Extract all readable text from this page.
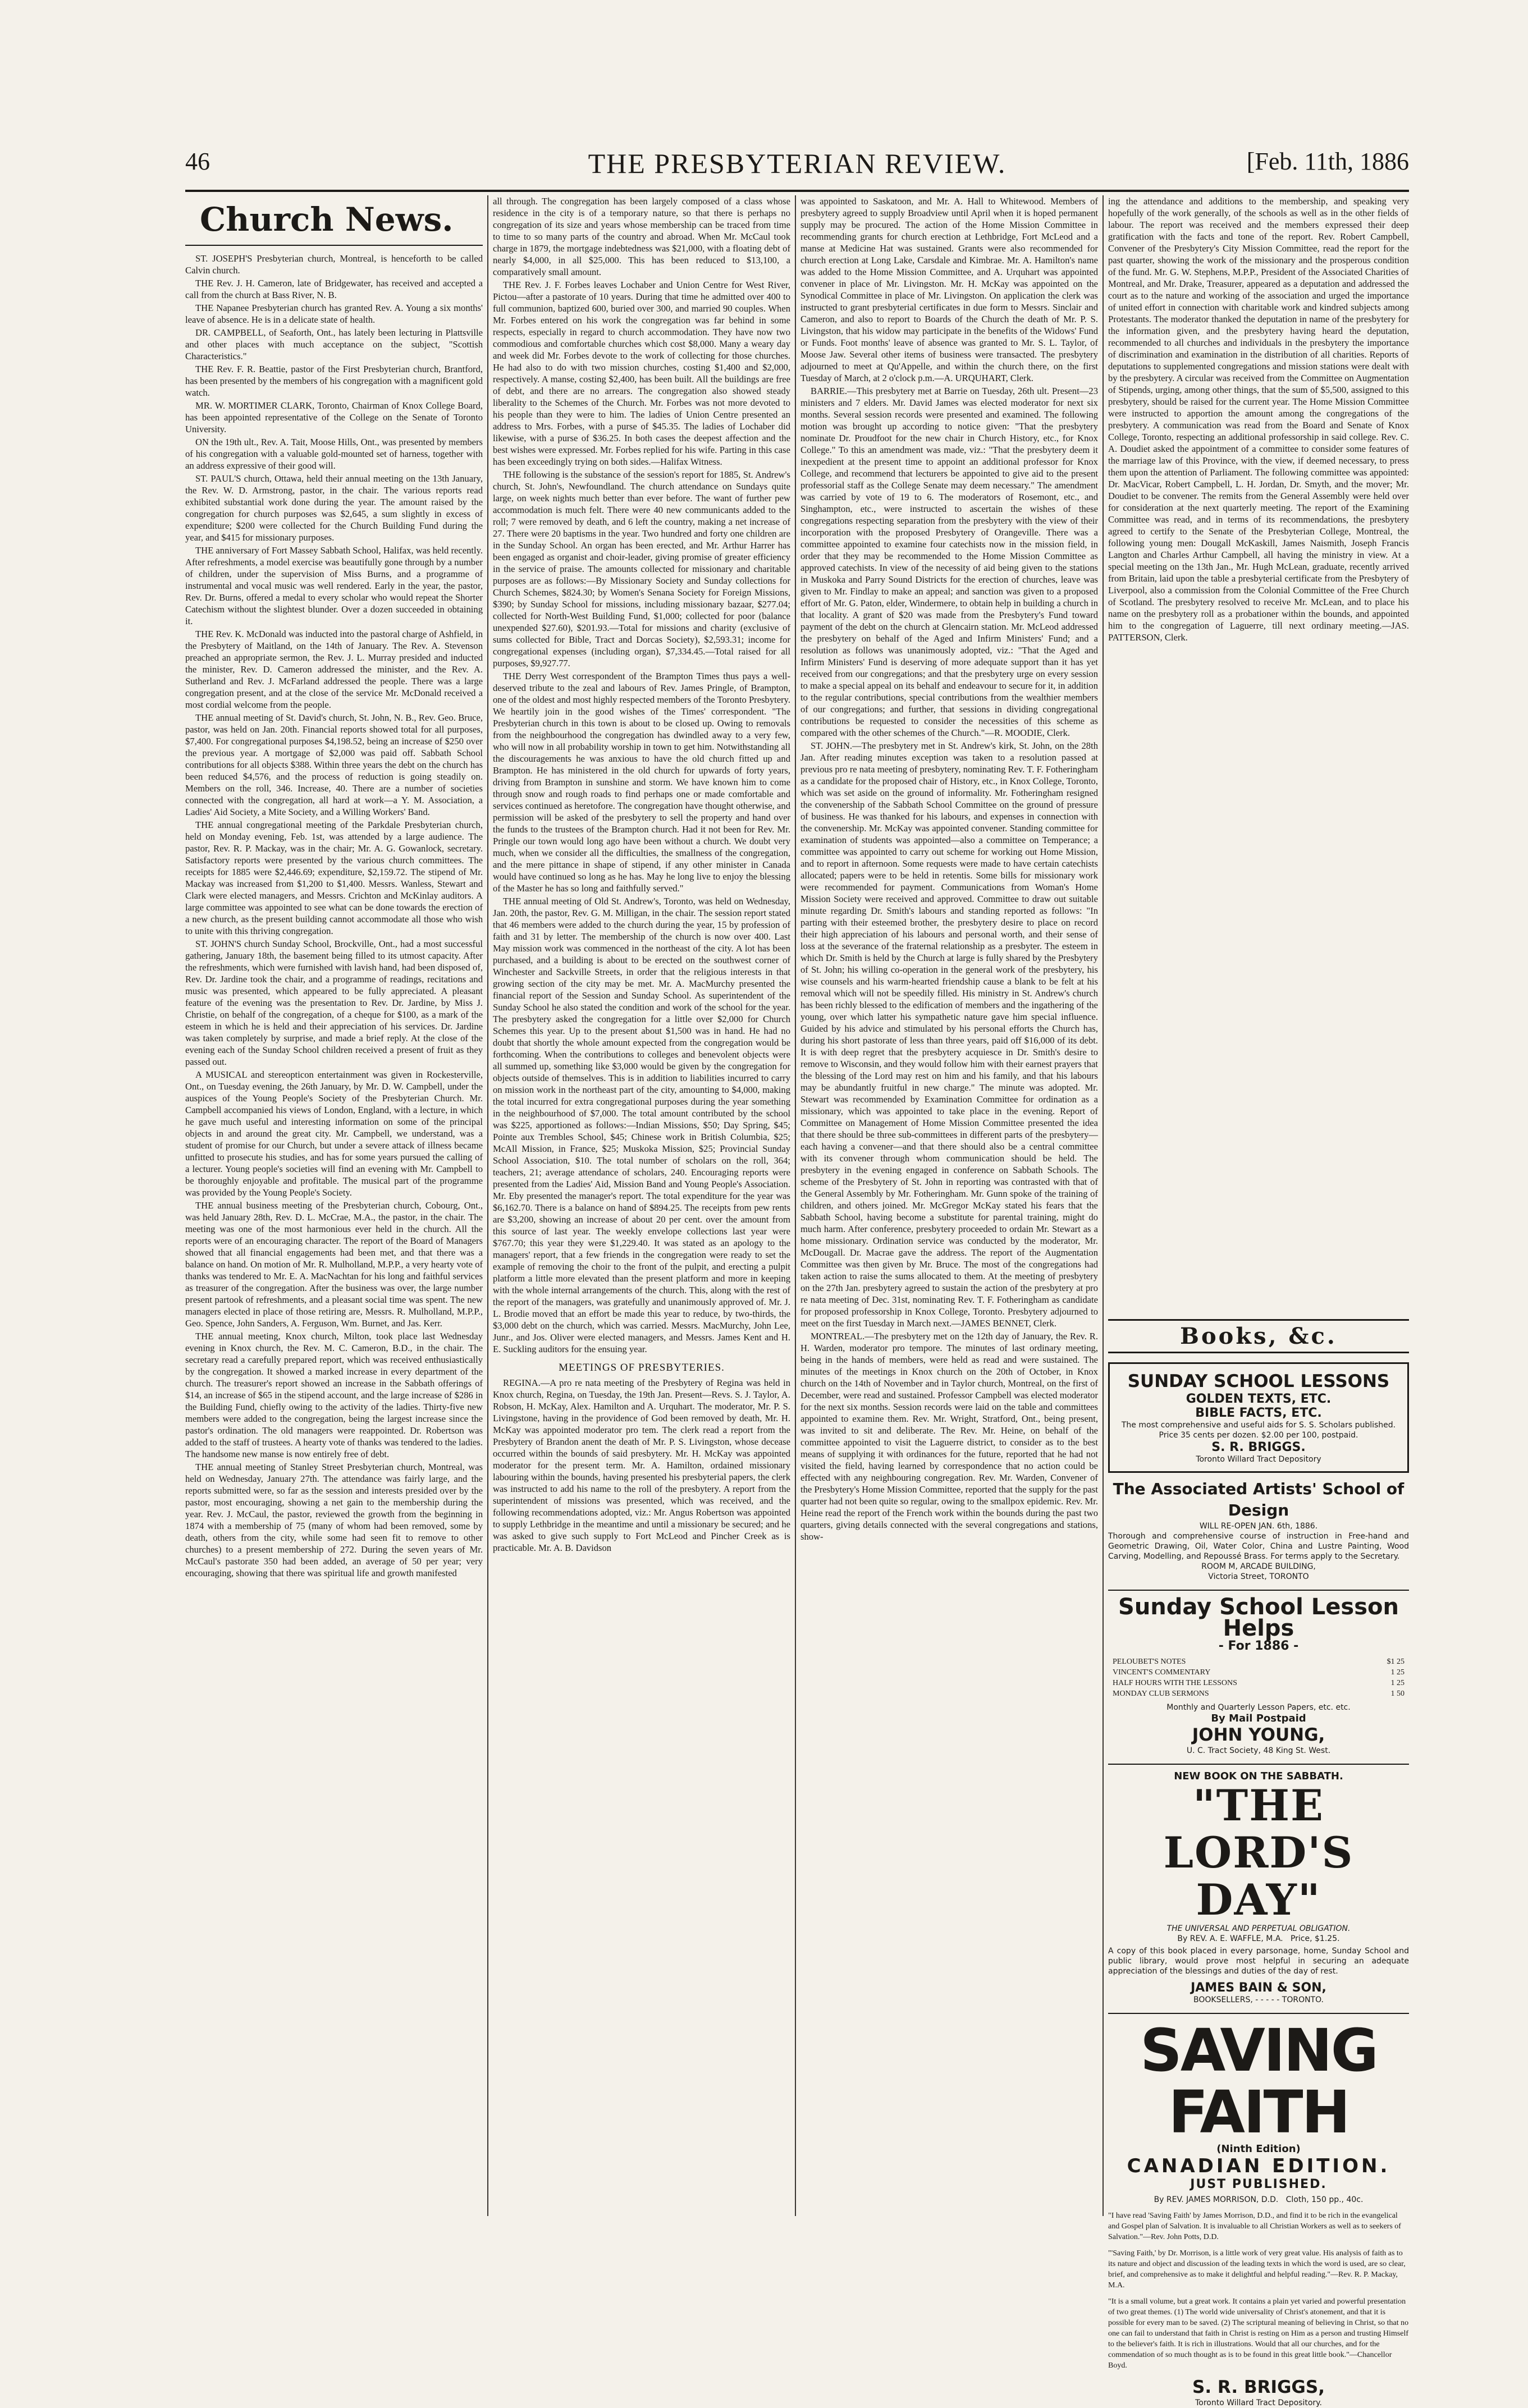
46	THE PRESBYTERIAN REVIEW.	[Feb. 11th, 1886
Church News.

ST. JOSEPH'S Presbyterian church, Montreal, is henceforth to be called Calvin church.

THE Rev. J. H. Cameron, late of Bridgewater, has received and accepted a call from the church at Bass River, N. B.

THE Napanee Presbyterian church has granted Rev. A. Young a six months' leave of absence. He is in a delicate state of health.

DR. CAMPBELL, of Seaforth, Ont., has lately been lecturing in Plattsville and other places with much acceptance on the subject, "Scottish Characteristics."

THE Rev. F. R. Beattie, pastor of the First Presbyterian church, Brantford, has been presented by the members of his congregation with a magnificent gold watch.

MR. W. MORTIMER CLARK, Toronto, Chairman of Knox College Board, has been appointed representative of the College on the Senate of Toronto University.

ON the 19th ult., Rev. A. Tait, Moose Hills, Ont., was presented by members of his congregation with a valuable gold-mounted set of harness, together with an address expressive of their good will.

ST. PAUL'S church, Ottawa, held their annual meeting on the 13th January, the Rev. W. D. Armstrong, pastor, in the chair. The various reports read exhibited substantial work done during the year. The amount raised by the congregation for church purposes was $2,645, a sum slightly in excess of expenditure; $200 were collected for the Church Building Fund during the year, and $415 for missionary purposes.

THE anniversary of Fort Massey Sabbath School, Halifax, was held recently. After refreshments, a model exercise was beautifully gone through by a number of children, under the supervision of Miss Burns, and a programme of instrumental and vocal music was well rendered. Early in the year, the pastor, Rev. Dr. Burns, offered a medal to every scholar who would repeat the Shorter Catechism without the slightest blunder. Over a dozen succeeded in obtaining it.

THE Rev. K. McDonald was inducted into the pastoral charge of Ashfield, in the Presbytery of Maitland, on the 14th of January. The Rev. A. Stevenson preached an appropriate sermon, the Rev. J. L. Murray presided and inducted the minister, Rev. D. Cameron addressed the minister, and the Rev. A. Sutherland and Rev. J. McFarland addressed the people. There was a large congregation present, and at the close of the service Mr. McDonald received a most cordial welcome from the people.

THE annual meeting of St. David's church, St. John, N. B., Rev. Geo. Bruce, pastor, was held on Jan. 20th. Financial reports showed total for all purposes, $7,400. For congregational purposes $4,198.52, being an increase of $250 over the previous year. A mortgage of $2,000 was paid off. Sabbath School contributions for all objects $388. Within three years the debt on the church has been reduced $4,576, and the process of reduction is going steadily on. Members on the roll, 346. Increase, 40. There are a number of societies connected with the congregation, all hard at work—a Y. M. Association, a Ladies' Aid Society, a Mite Society, and a Willing Workers' Band.

THE annual congregational meeting of the Parkdale Presbyterian church, held on Monday evening, Feb. 1st, was attended by a large audience. The pastor, Rev. R. P. Mackay, was in the chair; Mr. A. G. Gowanlock, secretary. Satisfactory reports were presented by the various church committees. The receipts for 1885 were $2,446.69; expenditure, $2,159.72. The stipend of Mr. Mackay was increased from $1,200 to $1,400. Messrs. Wanless, Stewart and Clark were elected managers, and Messrs. Crichton and McKinlay auditors. A large committee was appointed to see what can be done towards the erection of a new church, as the present building cannot accommodate all those who wish to unite with this thriving congregation.

ST. JOHN'S church Sunday School, Brockville, Ont., had a most successful gathering, January 18th, the basement being filled to its utmost capacity. After the refreshments, which were furnished with lavish hand, had been disposed of, Rev. Dr. Jardine took the chair, and a programme of readings, recitations and music was presented, which appeared to be fully appreciated. A pleasant feature of the evening was the presentation to Rev. Dr. Jardine, by Miss J. Christie, on behalf of the congregation, of a cheque for $100, as a mark of the esteem in which he is held and their appreciation of his services. Dr. Jardine was taken completely by surprise, and made a brief reply. At the close of the evening each of the Sunday School children received a present of fruit as they passed out.

A MUSICAL and stereopticon entertainment was given in Rockesterville, Ont., on Tuesday evening, the 26th January, by Mr. D. W. Campbell, under the auspices of the Young People's Society of the Presbyterian Church. Mr. Campbell accompanied his views of London, England, with a lecture, in which he gave much useful and interesting information on some of the principal objects in and around the great city. Mr. Campbell, we understand, was a student of promise for our Church, but under a severe attack of illness became unfitted to prosecute his studies, and has for some years pursued the calling of a lecturer. Young people's societies will find an evening with Mr. Campbell to be thoroughly enjoyable and profitable. The musical part of the programme was provided by the Young People's Society.

THE annual business meeting of the Presbyterian church, Cobourg, Ont., was held January 28th, Rev. D. L. McCrae, M.A., the pastor, in the chair. The meeting was one of the most harmonious ever held in the church. All the reports were of an encouraging character. The report of the Board of Managers showed that all financial engagements had been met, and that there was a balance on hand. On motion of Mr. R. Mulholland, M.P.P., a very hearty vote of thanks was tendered to Mr. E. A. MacNachtan for his long and faithful services as treasurer of the congregation. After the business was over, the large number present partook of refreshments, and a pleasant social time was spent. The new managers elected in place of those retiring are, Messrs. R. Mulholland, M.P.P., Geo. Spence, John Sanders, A. Ferguson, Wm. Burnet, and Jas. Kerr.

THE annual meeting, Knox church, Milton, took place last Wednesday evening in Knox church, the Rev. M. C. Cameron, B.D., in the chair. The secretary read a carefully prepared report, which was received enthusiastically by the congregation. It showed a marked increase in every department of the church. The treasurer's report showed an increase in the Sabbath offerings of $14, an increase of $65 in the stipend account, and the large increase of $286 in the Building Fund, chiefly owing to the activity of the ladies. Thirty-five new members were added to the congregation, being the largest increase since the pastor's ordination. The old managers were reappointed. Dr. Robertson was added to the staff of trustees. A hearty vote of thanks was tendered to the ladies. The handsome new manse is now entirely free of debt.

THE annual meeting of Stanley Street Presbyterian church, Montreal, was held on Wednesday, January 27th. The attendance was fairly large, and the reports submitted were, so far as the session and interests presided over by the pastor, most encouraging, showing a net gain to the membership during the year. Rev. J. McCaul, the pastor, reviewed the growth from the beginning in 1874 with a membership of 75 (many of whom had been removed, some by death, others from the city, while some had seen fit to remove to other churches) to a present membership of 272. During the seven years of Mr. McCaul's pastorate 350 had been added, an average of 50 per year; very encouraging, showing that there was spiritual life and growth manifested

all through. The congregation has been largely composed of a class whose residence in the city is of a temporary nature, so that there is perhaps no congregation of its size and years whose membership can be traced from time to time to so many parts of the country and abroad. When Mr. McCaul took charge in 1879, the mortgage indebtedness was $21,000, with a floating debt of nearly $4,000, in all $25,000. This has been reduced to $13,100, a comparatively small amount.

THE Rev. J. F. Forbes leaves Lochaber and Union Centre for West River, Pictou—after a pastorate of 10 years. During that time he admitted over 400 to full communion, baptized 600, buried over 300, and married 90 couples. When Mr. Forbes entered on his work the congregation was far behind in some respects, especially in regard to church accommodation. They have now two commodious and comfortable churches which cost $8,000. Many a weary day and week did Mr. Forbes devote to the work of collecting for those churches. He had also to do with two mission churches, costing $1,400 and $2,000, respectively. A manse, costing $2,400, has been built. All the buildings are free of debt, and there are no arrears. The congregation also showed steady liberality to the Schemes of the Church. Mr. Forbes was not more devoted to his people than they were to him. The ladies of Union Centre presented an address to Mrs. Forbes, with a purse of $45.35. The ladies of Lochaber did likewise, with a purse of $36.25. In both cases the deepest affection and the best wishes were expressed. Mr. Forbes replied for his wife. Parting in this case has been exceedingly trying on both sides.—Halifax Witness.

THE following is the substance of the session's report for 1885, St. Andrew's church, St. John's, Newfoundland. The church attendance on Sundays quite large, on week nights much better than ever before. The want of further pew accommodation is much felt. There were 40 new communicants added to the roll; 7 were removed by death, and 6 left the country, making a net increase of 27. There were 20 baptisms in the year. Two hundred and forty one children are in the Sunday School. An organ has been erected, and Mr. Arthur Harrer has been engaged as organist and choir-leader, giving promise of greater efficiency in the service of praise. The amounts collected for missionary and charitable purposes are as follows:—By Missionary Society and Sunday collections for Church Schemes, $824.30; by Women's Senana Society for Foreign Missions, $390; by Sunday School for missions, including missionary bazaar, $277.04; collected for North-West Building Fund, $1,000; collected for poor (balance unexpended $27.60), $201.93.—Total for missions and charity (exclusive of sums collected for Bible, Tract and Dorcas Society), $2,593.31; income for congregational expenses (including organ), $7,334.45.—Total raised for all purposes, $9,927.77.

THE Derry West correspondent of the Brampton Times thus pays a well-deserved tribute to the zeal and labours of Rev. James Pringle, of Brampton, one of the oldest and most highly respected members of the Toronto Presbytery. We heartily join in the good wishes of the Times' correspondent. "The Presbyterian church in this town is about to be closed up. Owing to removals from the neighbourhood the congregation has dwindled away to a very few, who will now in all probability worship in town to get him. Notwithstanding all the discouragements he was anxious to have the old church fitted up and Brampton. He has ministered in the old church for upwards of forty years, driving from Brampton in sunshine and storm. We have known him to come through snow and rough roads to find perhaps one or made comfortable and services continued as heretofore. The congregation have thought otherwise, and permission will be asked of the presbytery to sell the property and hand over the funds to the trustees of the Brampton church. Had it not been for Rev. Mr. Pringle our town would long ago have been without a church. We doubt very much, when we consider all the difficulties, the smallness of the congregation, and the mere pittance in shape of stipend, if any other minister in Canada would have continued so long as he has. May he long live to enjoy the blessing of the Master he has so long and faithfully served."

THE annual meeting of Old St. Andrew's, Toronto, was held on Wednesday, Jan. 20th, the pastor, Rev. G. M. Milligan, in the chair. The session report stated that 46 members were added to the church during the year, 15 by profession of faith and 31 by letter. The membership of the church is now over 400. Last May mission work was commenced in the northeast of the city. A lot has been purchased, and a building is about to be erected on the southwest corner of Winchester and Sackville Streets, in order that the religious interests in that growing section of the city may be met. Mr. A. MacMurchy presented the financial report of the Session and Sunday School. As superintendent of the Sunday School he also stated the condition and work of the school for the year. The presbytery asked the congregation for a little over $2,000 for Church Schemes this year. Up to the present about $1,500 was in hand. He had no doubt that shortly the whole amount expected from the congregation would be forthcoming. When the contributions to colleges and benevolent objects were all summed up, something like $3,000 would be given by the congregation for objects outside of themselves. This is in addition to liabilities incurred to carry on mission work in the northeast part of the city, amounting to $4,000, making the total incurred for extra congregational purposes during the year something in the neighbourhood of $7,000. The total amount contributed by the school was $225, apportioned as follows:—Indian Missions, $50; Day Spring, $45; Pointe aux Trembles School, $45; Chinese work in British Columbia, $25; McAll Mission, in France, $25; Muskoka Mission, $25; Provincial Sunday School Association, $10. The total number of scholars on the roll, 364; teachers, 21; average attendance of scholars, 240. Encouraging reports were presented from the Ladies' Aid, Mission Band and Young People's Association. Mr. Eby presented the manager's report. The total expenditure for the year was $6,162.70. There is a balance on hand of $894.25. The receipts from pew rents are $3,200, showing an increase of about 20 per cent. over the amount from this source of last year. The weekly envelope collections last year were $767.70; this year they were $1,229.40. It was stated as an apology to the managers' report, that a few friends in the congregation were ready to set the example of removing the choir to the front of the pulpit, and erecting a pulpit platform a little more elevated than the present platform and more in keeping with the whole internal arrangements of the church. This, along with the rest of the report of the managers, was gratefully and unanimously approved of. Mr. J. L. Brodie moved that an effort be made this year to reduce, by two-thirds, the $3,000 debt on the church, which was carried. Messrs. MacMurchy, John Lee, Junr., and Jos. Oliver were elected managers, and Messrs. James Kent and H. E. Suckling auditors for the ensuing year.

MEETINGS OF PRESBYTERIES.

REGINA.—A pro re nata meeting of the Presbytery of Regina was held in Knox church, Regina, on Tuesday, the 19th Jan. Present—Revs. S. J. Taylor, A. Robson, H. McKay, Alex. Hamilton and A. Urquhart. The moderator, Mr. P. S. Livingstone, having in the providence of God been removed by death, Mr. H. McKay was appointed moderator pro tem. The clerk read a report from the Presbytery of Brandon anent the death of Mr. P. S. Livingston, whose decease occurred within the bounds of said presbytery. Mr. H. McKay was appointed moderator for the present term. Mr. A. Hamilton, ordained missionary labouring within the bounds, having presented his presbyterial papers, the clerk was instructed to add his name to the roll of the presbytery. A report from the superintendent of missions was presented, which was received, and the following recommendations adopted, viz.: Mr. Angus Robertson was appointed to supply Lethbridge in the meantime and until a missionary be secured; and he was asked to give such supply to Fort McLeod and Pincher Creek as is practicable. Mr. A. B. Davidson

was appointed to Saskatoon, and Mr. A. Hall to Whitewood. Members of presbytery agreed to supply Broadview until April when it is hoped permanent supply may be procured. The action of the Home Mission Committee in recommending grants for church erection at Lethbridge, Fort McLeod and a manse at Medicine Hat was sustained. Grants were also recommended for church erection at Long Lake, Carsdale and Kimbrae. Mr. A. Hamilton's name was added to the Home Mission Committee, and A. Urquhart was appointed convener in place of Mr. Livingston. Mr. H. McKay was appointed on the Synodical Committee in place of Mr. Livingston. On application the clerk was instructed to grant presbyterial certificates in due form to Messrs. Sinclair and Cameron, and also to report to Boards of the Church the death of Mr. P. S. Livingston, that his widow may participate in the benefits of the Widows' Fund or Funds. Foot months' leave of absence was granted to Mr. S. L. Taylor, of Moose Jaw. Several other items of business were transacted. The presbytery adjourned to meet at Qu'Appelle, and within the church there, on the first Tuesday of March, at 2 o'clock p.m.—A. URQUHART, Clerk.

BARRIE.—This presbytery met at Barrie on Tuesday, 26th ult. Present—23 ministers and 7 elders. Mr. David James was elected moderator for next six months. Several session records were presented and examined. The following motion was brought up according to notice given: "That the presbytery nominate Dr. Proudfoot for the new chair in Church History, etc., for Knox College." To this an amendment was made, viz.: "That the presbytery deem it inexpedient at the present time to appoint an additional professor for Knox College, and recommend that lecturers be appointed to give aid to the present professorial staff as the College Senate may deem necessary." The amendment was carried by vote of 19 to 6. The moderators of Rosemont, etc., and Singhampton, etc., were instructed to ascertain the wishes of these congregations respecting separation from the presbytery with the view of their incorporation with the proposed Presbytery of Orangeville. There was a committee appointed to examine four catechists now in the mission field, in order that they may be recommended to the Home Mission Committee as approved catechists. In view of the necessity of aid being given to the stations in Muskoka and Parry Sound Districts for the erection of churches, leave was given to Mr. Findlay to make an appeal; and sanction was given to a proposed effort of Mr. G. Paton, elder, Windermere, to obtain help in building a church in that locality. A grant of $20 was made from the Presbytery's Fund toward payment of the debt on the church at Glencairn station. Mr. McLeod addressed the presbytery on behalf of the Aged and Infirm Ministers' Fund; and a resolution as follows was unanimously adopted, viz.: "That the Aged and Infirm Ministers' Fund is deserving of more adequate support than it has yet received from our congregations; and that the presbytery urge on every session to make a special appeal on its behalf and endeavour to secure for it, in addition to the regular contributions, special contributions from the wealthier members of our congregations; and further, that sessions in dividing congregational contributions be requested to consider the necessities of this scheme as compared with the other schemes of the Church."—R. MOODIE, Clerk.

ST. JOHN.—The presbytery met in St. Andrew's kirk, St. John, on the 28th Jan. After reading minutes exception was taken to a resolution passed at previous pro re nata meeting of presbytery, nominating Rev. T. F. Fotheringham as a candidate for the proposed chair of History, etc., in Knox College, Toronto, which was set aside on the ground of informality. Mr. Fotheringham resigned the convenership of the Sabbath School Committee on the ground of pressure of business. He was thanked for his labours, and expenses in connection with the convenership. Mr. McKay was appointed convener. Standing committee for examination of students was appointed—also a committee on Temperance; a committee was appointed to carry out scheme for working out Home Mission, and to report in afternoon. Some requests were made to have certain catechists allocated; papers were to be held in retentis. Some bills for missionary work were recommended for payment. Communications from Woman's Home Mission Society were received and approved. Committee to draw out suitable minute regarding Dr. Smith's labours and standing reported as follows: "In parting with their esteemed brother, the presbytery desire to place on record their high appreciation of his labours and personal worth, and their sense of loss at the severance of the fraternal relationship as a presbyter. The esteem in which Dr. Smith is held by the Church at large is fully shared by the Presbytery of St. John; his willing co-operation in the general work of the presbytery, his wise counsels and his warm-hearted friendship cause a blank to be felt at his removal which will not be speedily filled. His ministry in St. Andrew's church has been richly blessed to the edification of members and the ingathering of the young, over which latter his sympathetic nature gave him special influence. Guided by his advice and stimulated by his personal efforts the Church has, during his short pastorate of less than three years, paid off $16,000 of its debt. It is with deep regret that the presbytery acquiesce in Dr. Smith's desire to remove to Wisconsin, and they would follow him with their earnest prayers that the blessing of the Lord may rest on him and his family, and that his labours may be abundantly fruitful in new charge." The minute was adopted. Mr. Stewart was recommended by Examination Committee for ordination as a missionary, which was appointed to take place in the evening. Report of Committee on Management of Home Mission Committee presented the idea that there should be three sub-committees in different parts of the presbytery—each having a convener—and that there should also be a central committee with its convener through whom communication should be held. The presbytery in the evening engaged in conference on Sabbath Schools. The scheme of the Presbytery of St. John in reporting was contrasted with that of the General Assembly by Mr. Fotheringham. Mr. Gunn spoke of the training of children, and others joined. Mr. McGregor McKay stated his fears that the Sabbath School, having become a substitute for parental training, might do much harm. After conference, presbytery proceeded to ordain Mr. Stewart as a home missionary. Ordination service was conducted by the moderator, Mr. McDougall. Dr. Macrae gave the address. The report of the Augmentation Committee was then given by Mr. Bruce. The most of the congregations had taken action to raise the sums allocated to them. At the meeting of presbytery on the 27th Jan. presbytery agreed to sustain the action of the presbytery at pro re nata meeting of Dec. 31st, nominating Rev. T. F. Fotheringham as candidate for proposed professorship in Knox College, Toronto. Presbytery adjourned to meet on the first Tuesday in March next.—JAMES BENNET, Clerk.

MONTREAL.—The presbytery met on the 12th day of January, the Rev. R. H. Warden, moderator pro tempore. The minutes of last ordinary meeting, being in the hands of members, were held as read and were sustained. The minutes of the meetings in Knox church on the 20th of October, in Knox church on the 14th of November and in Taylor church, Montreal, on the first of December, were read and sustained. Professor Campbell was elected moderator for the next six months. Session records were laid on the table and committees appointed to examine them. Rev. Mr. Wright, Stratford, Ont., being present, was invited to sit and deliberate. The Rev. Mr. Heine, on behalf of the committee appointed to visit the Laguerre district, to consider as to the best means of supplying it with ordinances for the future, reported that he had not visited the field, having learned by correspondence that no action could be effected with any neighbouring congregation. Rev. Mr. Warden, Convener of the Presbytery's Home Mission Committee, reported that the supply for the past quarter had not been quite so regular, owing to the smallpox epidemic. Rev. Mr. Heine read the report of the French work within the bounds during the past two quarters, giving details connected with the several congregations and stations, show-

ing the attendance and additions to the membership, and speaking very hopefully of the work generally, of the schools as well as in the other fields of labour. The report was received and the members expressed their deep gratification with the facts and tone of the report. Rev. Robert Campbell, Convener of the Presbytery's City Mission Committee, read the report for the past quarter, showing the work of the missionary and the prosperous condition of the fund. Mr. G. W. Stephens, M.P.P., President of the Associated Charities of Montreal, and Mr. Drake, Treasurer, appeared as a deputation and addressed the court as to the nature and working of the association and urged the importance of united effort in connection with charitable work and kindred subjects among Protestants. The moderator thanked the deputation in name of the presbytery for the information given, and the presbytery having heard the deputation, recommended to all churches and individuals in the presbytery the importance of discrimination and examination in the distribution of all charities. Reports of deputations to supplemented congregations and mission stations were dealt with by the presbytery. A circular was received from the Committee on Augmentation of Stipends, urging, among other things, that the sum of $5,500, assigned to this presbytery, should be raised for the current year. The Home Mission Committee were instructed to apportion the amount among the congregations of the presbytery. A communication was read from the Board and Senate of Knox College, Toronto, respecting an additional professorship in said college. Rev. C. A. Doudiet asked the appointment of a committee to consider some features of the marriage law of this Province, with the view, if deemed necessary, to press them upon the attention of Parliament. The following committee was appointed: Dr. MacVicar, Robert Campbell, L. H. Jordan, Dr. Smyth, and the mover; Mr. Doudiet to be convener. The remits from the General Assembly were held over for consideration at the next quarterly meeting. The report of the Examining Committee was read, and in terms of its recommendations, the presbytery agreed to certify to the Senate of the Presbyterian College, Montreal, the following young men: Dougall McKaskill, James Naismith, Joseph Francis Langton and Charles Arthur Campbell, all having the ministry in view. At a special meeting on the 13th Jan., Mr. Hugh McLean, graduate, recently arrived from Britain, laid upon the table a presbyterial certificate from the Presbytery of Liverpool, also a commission from the Colonial Committee of the Free Church of Scotland. The presbytery resolved to receive Mr. McLean, and to place his name on the presbytery roll as a probationer within the bounds, and appointed him to the congregation of Laguerre, till next ordinary meeting.—JAS. PATTERSON, Clerk.

Books, &c.
SUNDAY SCHOOL LESSONS
GOLDEN TEXTS, ETC.
BIBLE FACTS, ETC.
The most comprehensive and useful aids for S. S. Scholars published.
Price 35 cents per dozen. $2.00 per 100, postpaid.
S. R. BRIGGS.
Toronto Willard Tract Depository
The Associated Artists' School of Design
WILL RE-OPEN JAN. 6th, 1886.
Thorough and comprehensive course of instruction in Free-hand and Geometric Drawing, Oil, Water Color, China and Lustre Painting, Wood Carving, Modelling, and Repoussé Brass. For terms apply to the Secretary.
ROOM M, ARCADE BUILDING,
Victoria Street, TORONTO
Sunday School Lesson Helps
- For 1886 -
PELOUBET'S NOTES	$1 25
VINCENT'S COMMENTARY	1 25
HALF HOURS WITH THE LESSONS	1 25
MONDAY CLUB SERMONS	1 50
Monthly and Quarterly Lesson Papers, etc. etc.
By Mail Postpaid
JOHN YOUNG,
U. C. Tract Society, 48 King St. West.
NEW BOOK ON THE SABBATH.
"THE LORD'S DAY"
THE UNIVERSAL AND PERPETUAL OBLIGATION.
By REV. A. E. WAFFLE, M.A. Price, $1.25.
A copy of this book placed in every parsonage, home, Sunday School and public library, would prove most helpful in securing an adequate appreciation of the blessings and duties of the day of rest.
JAMES BAIN & SON,
BOOKSELLERS, - - - - - TORONTO.
SAVING FAITH
(Ninth Edition)
CANADIAN EDITION.
JUST PUBLISHED.
By REV. JAMES MORRISON, D.D. Cloth, 150 pp., 40c.
"I have read 'Saving Faith' by James Morrison, D.D., and find it to be rich in the evangelical and Gospel plan of Salvation. It is invaluable to all Christian Workers as well as to seekers of Salvation."—Rev. John Potts, D.D.
"'Saving Faith,' by Dr. Morrison, is a little work of very great value. His analysis of faith as to its nature and object and discussion of the leading texts in which the word is used, are so clear, brief, and comprehensive as to make it delightful and helpful reading."—Rev. R. P. Mackay, M.A.
"It is a small volume, but a great work. It contains a plain yet varied and powerful presentation of two great themes. (1) The world wide universality of Christ's atonement, and that it is possible for every man to be saved. (2) The scriptural meaning of believing in Christ, so that no one can fail to understand that faith in Christ is resting on Him as a person and trusting Himself to the believer's faith. It is rich in illustrations. Would that all our churches, and for the commendation of so much thought as is to be found in this great little book."—Chancellor Boyd.
S. R. BRIGGS,
Toronto Willard Tract Depository.
